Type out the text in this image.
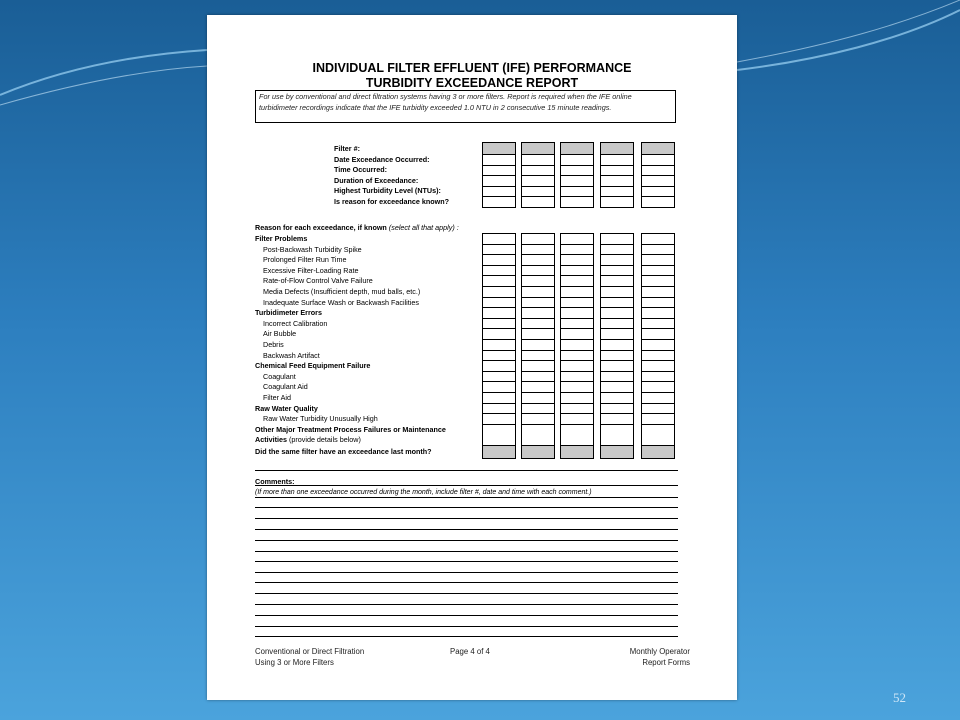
INDIVIDUAL FILTER EFFLUENT (IFE) PERFORMANCE
TURBIDITY EXCEEDANCE REPORT
For use by conventional and direct filtration systems having 3 or more filters. Report is required when the IFE online turbidimeter recordings indicate that the IFE turbidity exceeded 1.0 NTU in 2 consecutive 15 minute readings.
Filter #:
Date Exceedance Occurred:
Time Occurred:
Duration of Exceedance:
Highest Turbidity Level (NTUs):
Is reason for exceedance known?
Reason for each exceedance, if known (select all that apply) :
Filter Problems
Post-Backwash Turbidity Spike
Prolonged Filter Run Time
Excessive Filter-Loading Rate
Rate-of-Flow Control Valve Failure
Media Defects (Insufficient depth, mud balls, etc.)
Inadequate Surface Wash or Backwash Facilities
Turbidimeter Errors
Incorrect Calibration
Air Bubble
Debris
Backwash Artifact
Chemical Feed Equipment Failure
Coagulant
Coagulant Aid
Filter Aid
Raw Water Quality
Raw Water Turbidity Unusually High
Other Major Treatment Process Failures or Maintenance
Activities (provide details below)
Did the same filter have an exceedance last month?
Comments:
(If more than one exceedance occurred during the month, include filter #, date and time with each comment.)
Conventional or Direct Filtration
Using 3 or More Filters
Page 4 of 4	Monthly Operator
Report Forms
52
